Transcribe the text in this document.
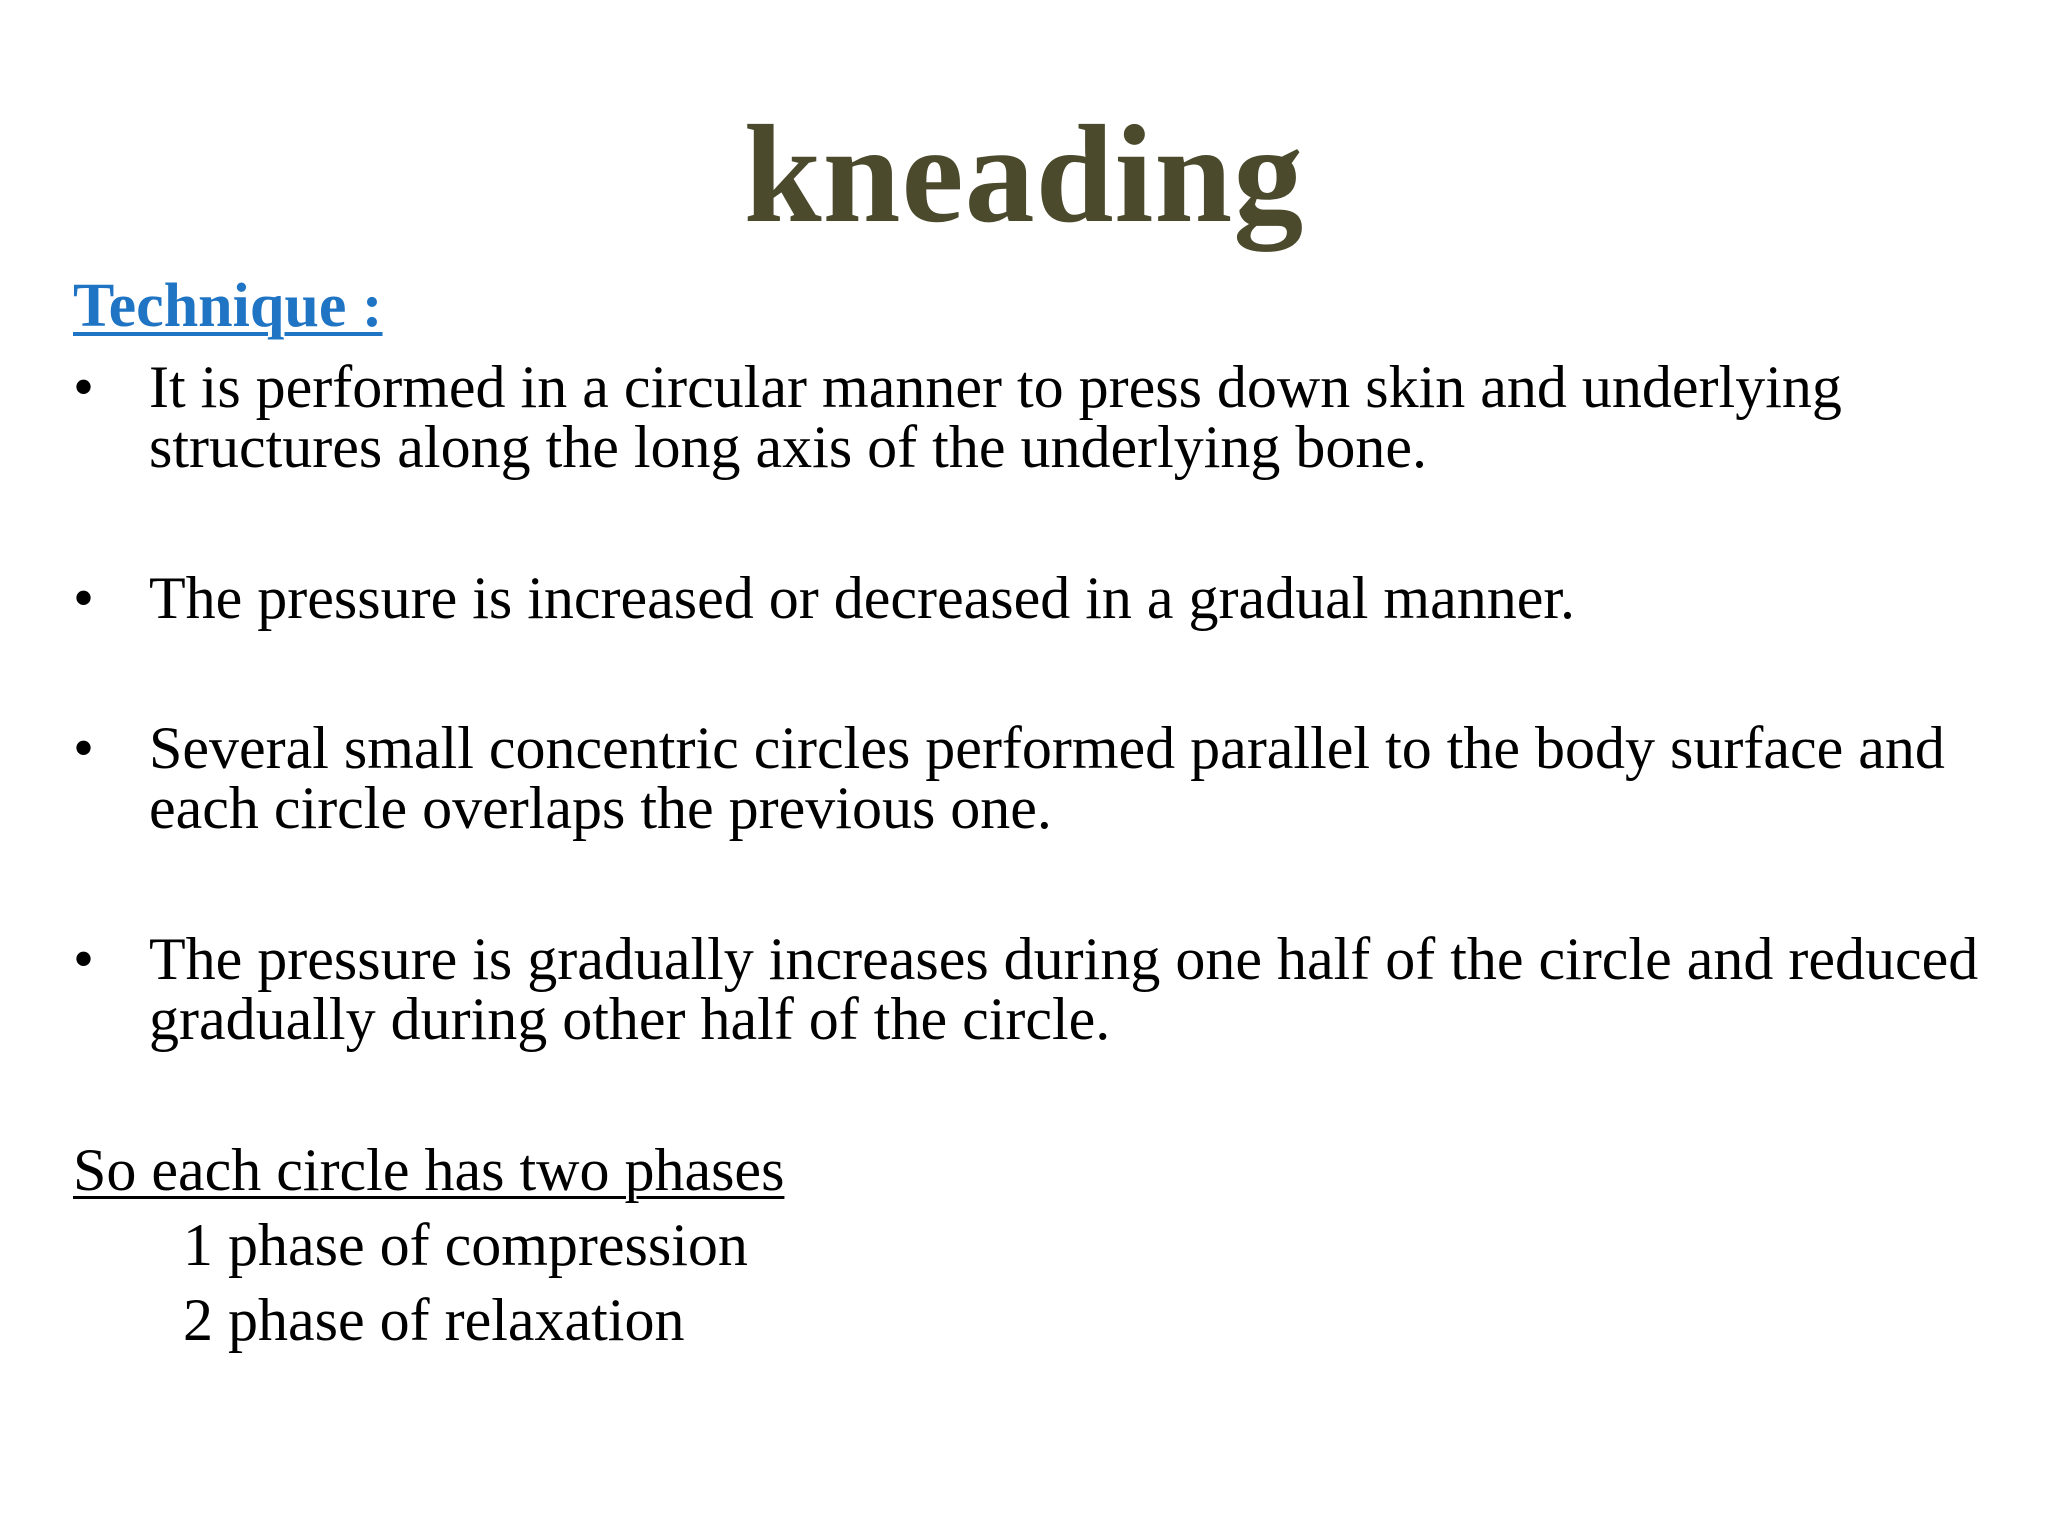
kneading
Technique :
• It is performed in a circular manner to press down skin and underlying structures along the long axis of the underlying bone.
• The pressure is increased or decreased in a gradual manner.
• Several small concentric circles performed parallel to the body surface and each circle overlaps the previous one.
• The pressure is gradually increases during one half of the circle and reduced gradually during other half of the circle.
So each circle has two phases
1 phase of compression
2 phase of relaxation
